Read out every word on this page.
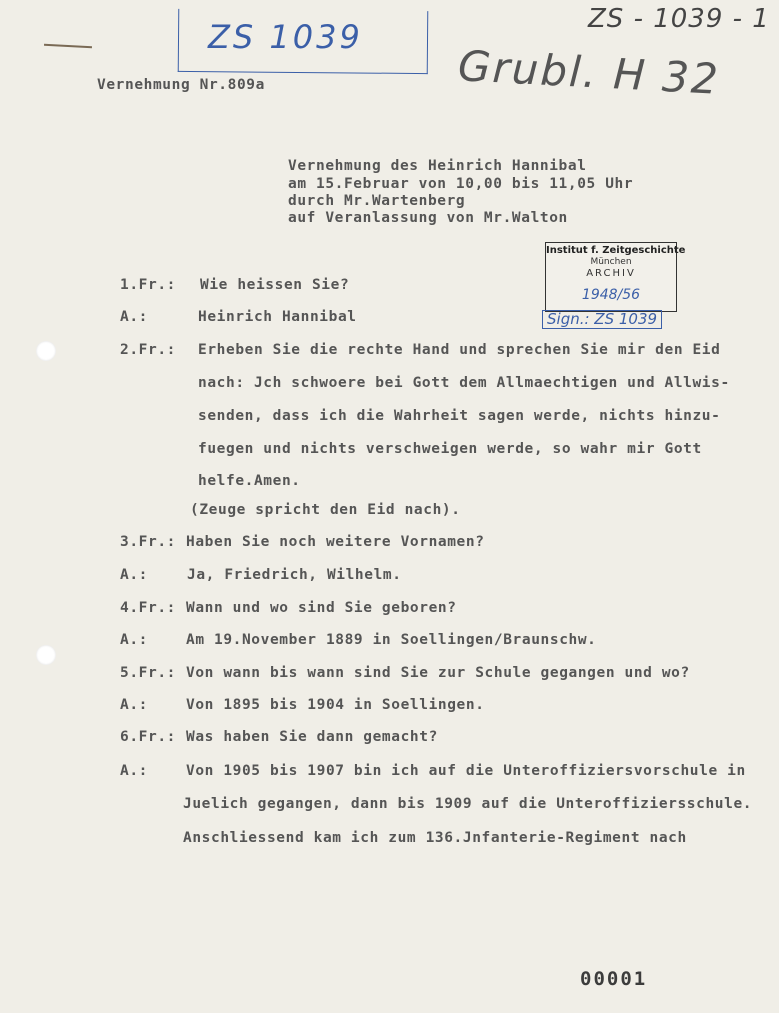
ZS 1039	ZS - 1039 - 1
Grubl. H 32
Vernehmung Nr.809a
Vernehmung des Heinrich Hannibal
am 15.Februar von 10,00 bis 11,05 Uhr
durch Mr.Wartenberg
auf Veranlassung von Mr.Walton
Institut f. Zeitgeschichte
München
ARCHIV
1948/56
Sign.: ZS 1039
1.Fr.: Wie heissen Sie?
A.:	Heinrich Hannibal
2.Fr.: Erheben Sie die rechte Hand und sprechen Sie mir den Eid
nach: Jch schwoere bei Gott dem Allmaechtigen und Allwis-
senden, dass ich die Wahrheit sagen werde, nichts hinzu-
fuegen und nichts verschweigen werde, so wahr mir Gott
helfe.Amen.
(Zeuge spricht den Eid nach).
3.Fr.: Haben Sie noch weitere Vornamen?
A.:	Ja, Friedrich, Wilhelm.
4.Fr.: Wann und wo sind Sie geboren?
A.:	Am 19.November 1889 in Soellingen/Braunschw.
5.Fr.: Von wann bis wann sind Sie zur Schule gegangen und wo?
A.:	Von 1895 bis 1904 in Soellingen.
6.Fr.: Was haben Sie dann gemacht?
A.:	Von 1905 bis 1907 bin ich auf die Unteroffiziersvorschule in
Juelich gegangen, dann bis 1909 auf die Unteroffiziersschule.
Anschliessend kam ich zum 136.Jnfanterie-Regiment nach
00001
